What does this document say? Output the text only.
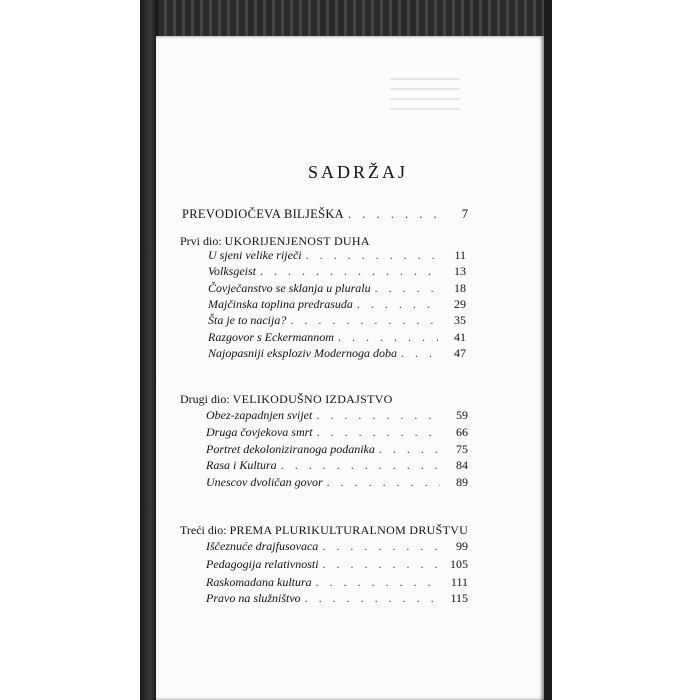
SADRŽAJ
PREVODIOČEVA BILJEŠKA . . .	7
Prvi dio: UKORIJENJENOST DUHA
U sjeni velike riječi . . .	11
Volksgeist . . .	13
Čovječanstvo se sklanja u pluralu . . .	18
Majčinska toplina predrasuda . . .	29
Šta je to nacija? . . .	35
Razgovor s Eckermannom . . .	41
Najopasniji eksploziv Modernoga doba . . .	47
Drugi dio: VELIKODUŠNO IZDAJSTVO
Obez-zapadnjen svijet . . .	59
Druga čovjekova smrt . . .	66
Portret dekoloniziranoga podanika . . .	75
Rasa i Kultura . . .	84
Unescov dvoličan govor . . .	89
Treći dio: PREMA PLURIKULTURALNOM DRUŠTVU
Iščeznuće drajfusovaca . . .	99
Pedagogija relativnosti . . .	105
Raskomadana kultura . . .	111
Pravo na služništvo . . .	115
